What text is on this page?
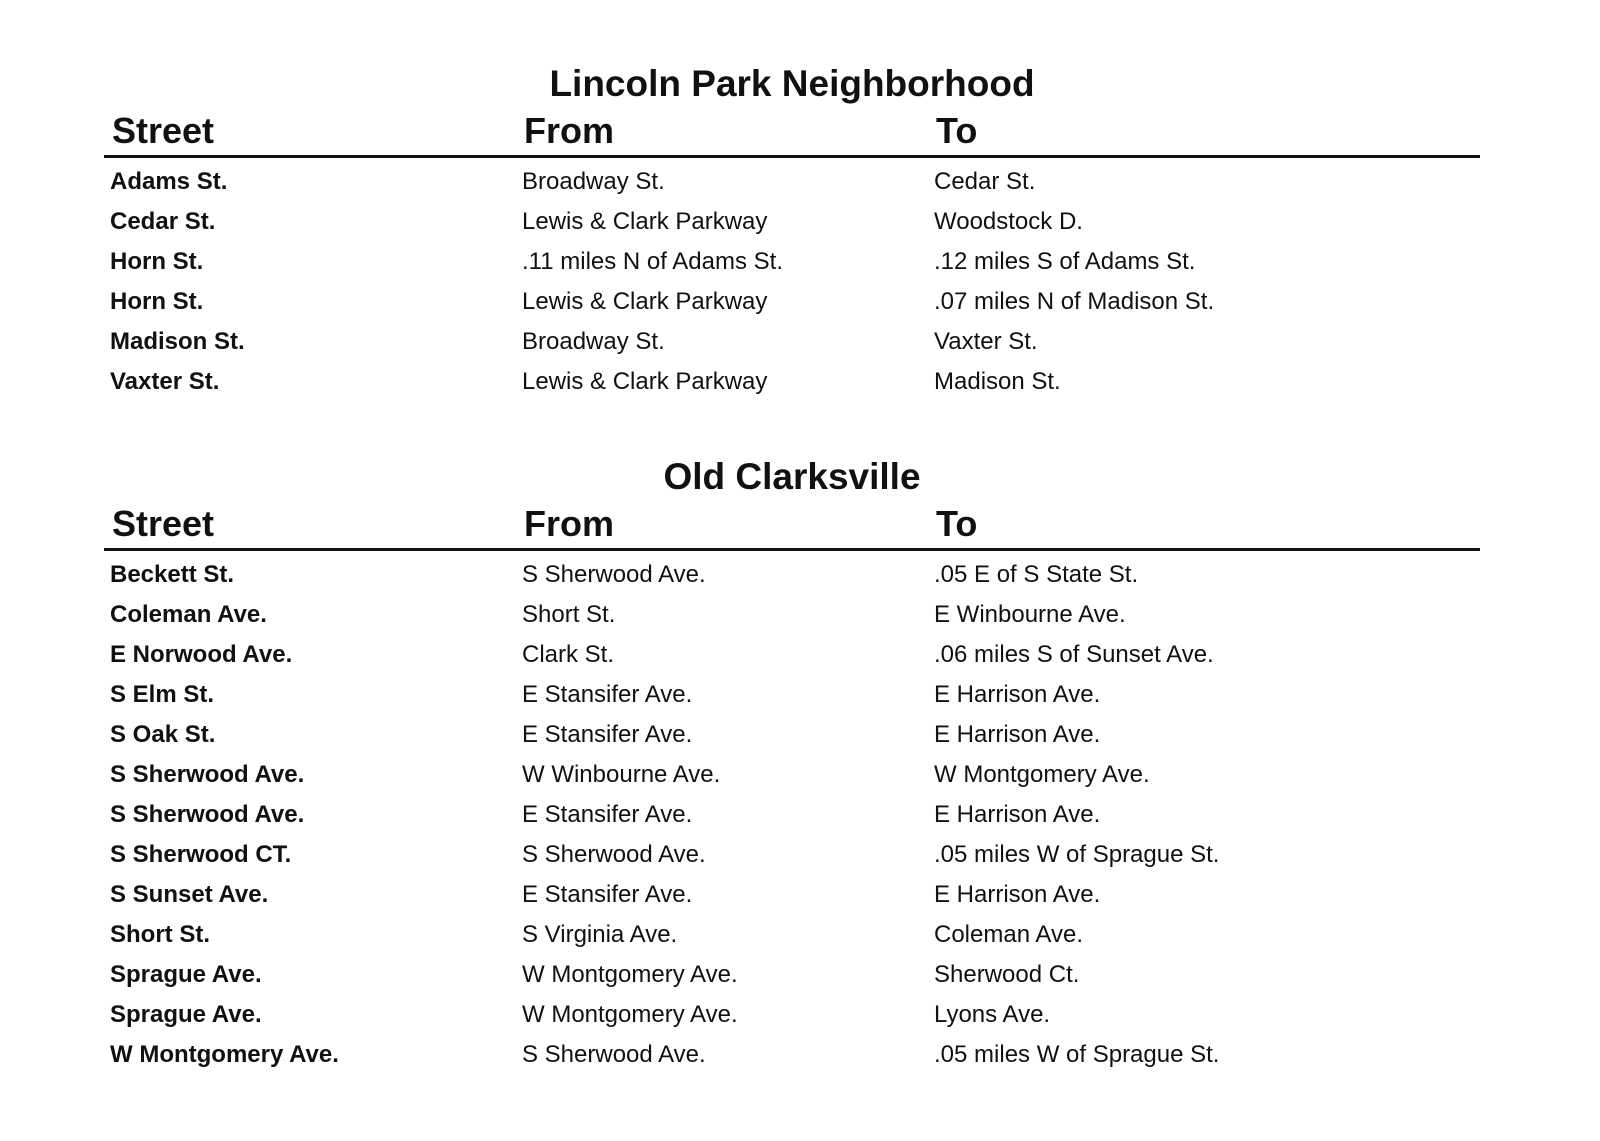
Lincoln Park Neighborhood
Street	From	To
Adams St.	Broadway St.	Cedar St.
Cedar St.	Lewis & Clark Parkway	Woodstock D.
Horn St.	.11 miles N of Adams St.	.12 miles S of Adams St.
Horn St.	Lewis & Clark Parkway	.07 miles N of Madison St.
Madison St.	Broadway St.	Vaxter St.
Vaxter St.	Lewis & Clark Parkway	Madison St.
Old Clarksville
Street	From	To
Beckett St.	S Sherwood Ave.	.05 E of S State St.
Coleman Ave.	Short St.	E Winbourne Ave.
E Norwood Ave.	Clark St.	.06 miles S of Sunset Ave.
S Elm St.	E Stansifer Ave.	E Harrison Ave.
S Oak St.	E Stansifer Ave.	E Harrison Ave.
S Sherwood Ave.	W Winbourne Ave.	W Montgomery Ave.
S Sherwood Ave.	E Stansifer Ave.	E Harrison Ave.
S Sherwood CT.	S Sherwood Ave.	.05 miles W of Sprague St.
S Sunset Ave.	E Stansifer Ave.	E Harrison Ave.
Short St.	S Virginia Ave.	Coleman Ave.
Sprague Ave.	W Montgomery Ave.	Sherwood Ct.
Sprague Ave.	W Montgomery Ave.	Lyons Ave.
W Montgomery Ave.	S Sherwood Ave.	.05 miles W of Sprague St.
